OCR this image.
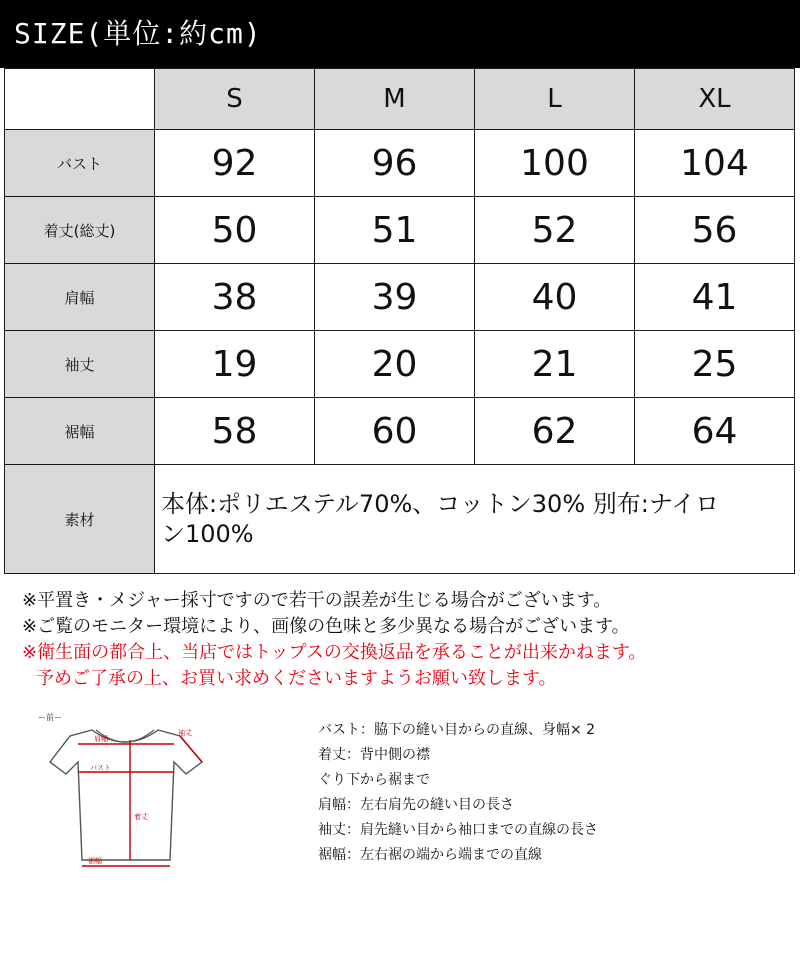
SIZE(単位:約cm)
	S	M	L	XL
バスト	92	96	100	104
着丈(総丈)	50	51	52	56
肩幅	38	39	40	41
袖丈	19	20	21	25
裾幅	58	60	62	64
素材	本体:ポリエステル70%、コットン30% 別布:ナイロ
ン100%			
※平置き・メジャー採寸ですので若干の誤差が生じる場合がございます。
※ご覧のモニター環境により、画像の色味と多少異なる場合がございます。
※衛生面の都合上、当店ではトップスの交換返品を承ることが出来かねます。
予めご了承の上、お買い求めくださいますようお願い致します。
ー前ー
肩幅
袖丈
バスト
着丈
裾幅
バスト：脇下の縫い目からの直線、身幅× 2
着丈：背中側の襟
ぐり下から裾まで
肩幅：左右肩先の縫い目の長さ
袖丈：肩先縫い目から袖口までの直線の長さ
裾幅：左右裾の端から端までの直線
